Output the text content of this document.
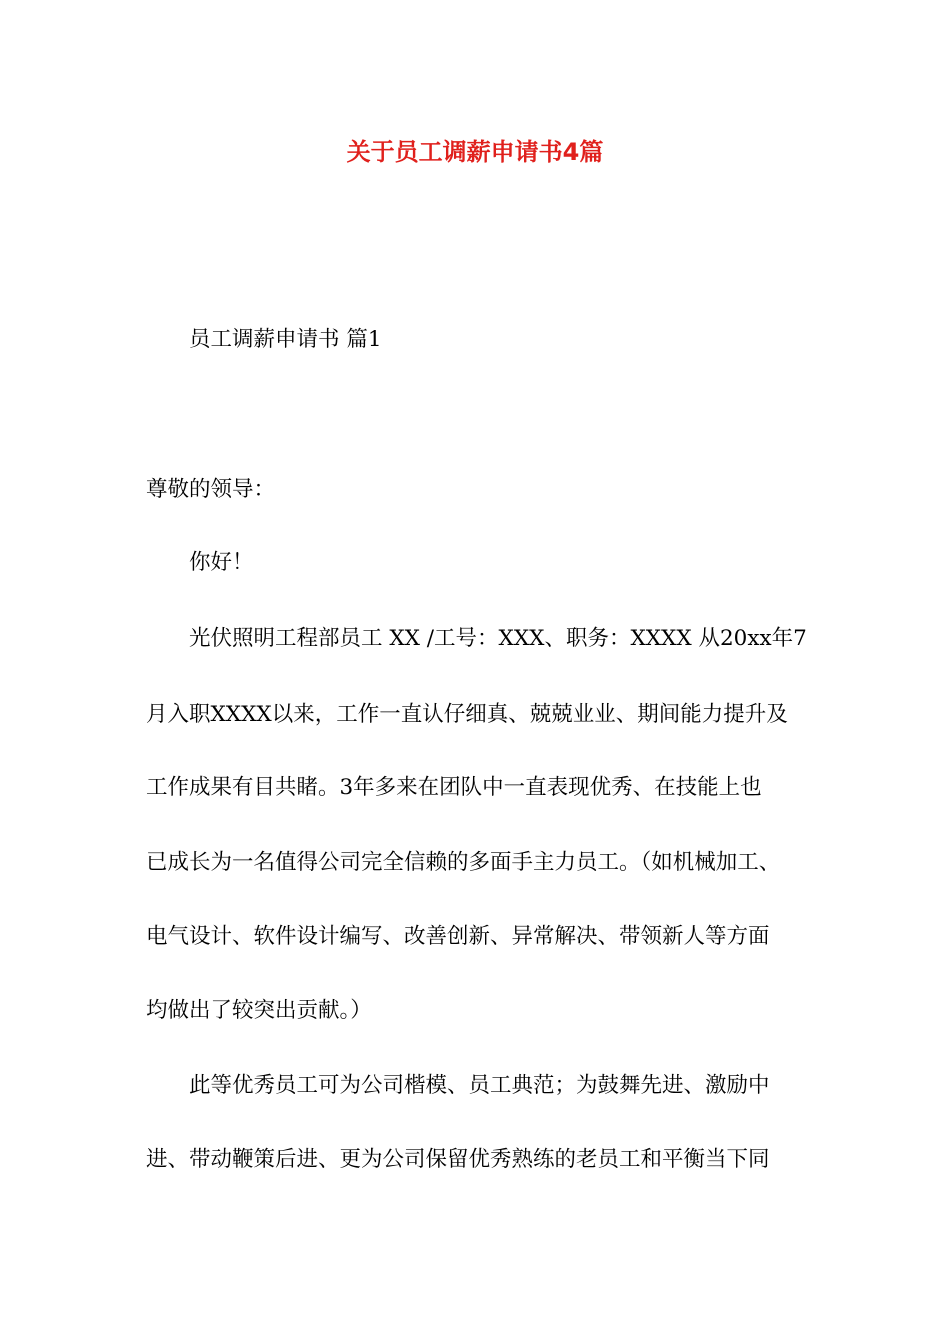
关于员工调薪申请书4篇
员工调薪申请书 篇1
尊敬的领导：
你好！
光伏照明工程部员工 XX /工号：XXX、职务：XXXX 从20xx年7
月入职XXXX以来，工作一直认仔细真、兢兢业业、期间能力提升及
工作成果有目共睹。3年多来在团队中一直表现优秀、在技能上也
已成长为一名值得公司完全信赖的多面手主力员工。（如机械加工、
电气设计、软件设计编写、改善创新、异常解决、带领新人等方面
均做出了较突出贡献。）
此等优秀员工可为公司楷模、员工典范；为鼓舞先进、激励中
进、带动鞭策后进、更为公司保留优秀熟练的老员工和平衡当下同
